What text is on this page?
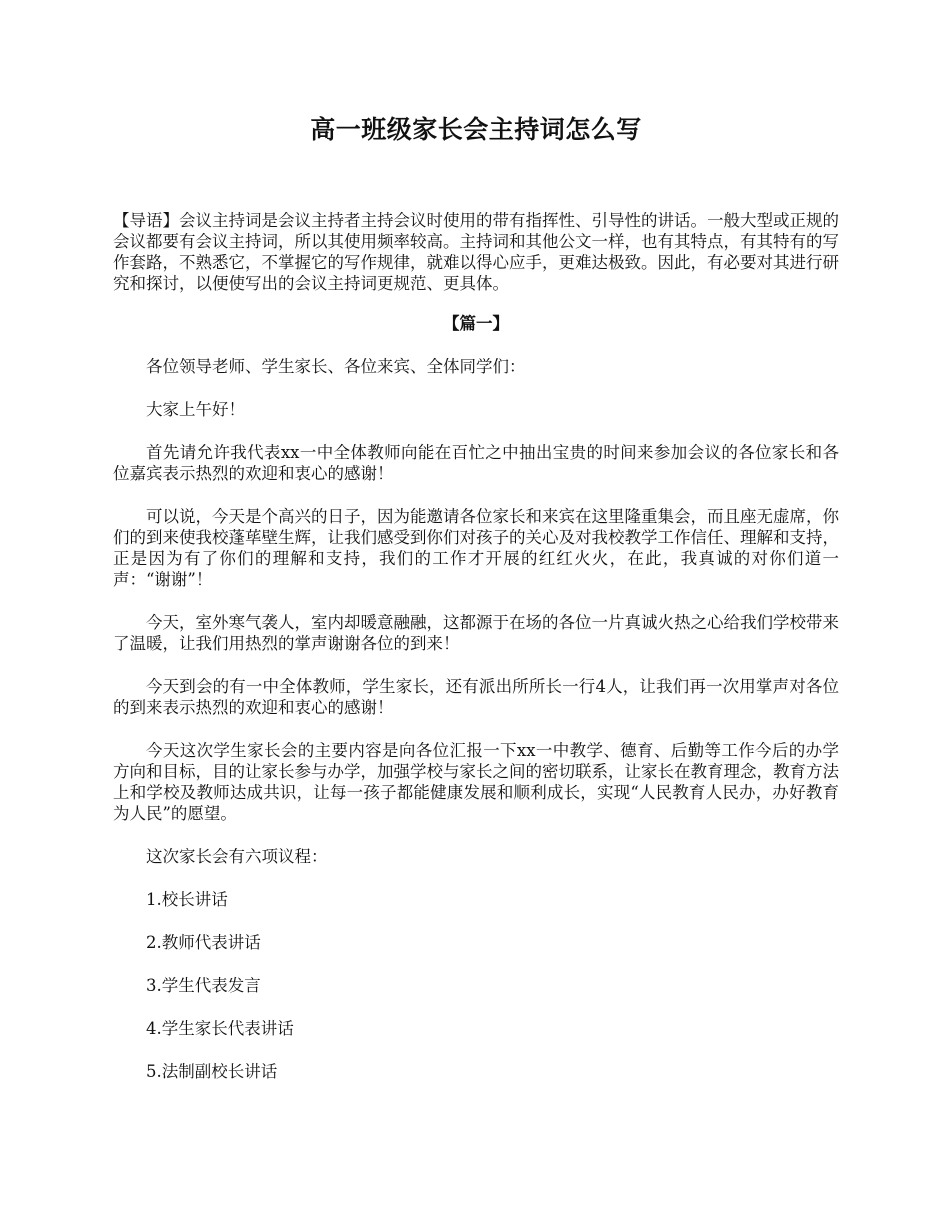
高一班级家长会主持词怎么写

【导语】会议主持词是会议主持者主持会议时使用的带有指挥性、引导性的讲话。一般大型或正规的会议都要有会议主持词，所以其使用频率较高。主持词和其他公文一样，也有其特点，有其特有的写作套路，不熟悉它，不掌握它的写作规律，就难以得心应手，更难达极致。因此，有必要对其进行研究和探讨，以便使写出的会议主持词更规范、更具体。

【篇一】

各位领导老师、学生家长、各位来宾、全体同学们：

大家上午好！

首先请允许我代表xx一中全体教师向能在百忙之中抽出宝贵的时间来参加会议的各位家长和各位嘉宾表示热烈的欢迎和衷心的感谢！

可以说，今天是个高兴的日子，因为能邀请各位家长和来宾在这里隆重集会，而且座无虚席，你们的到来使我校蓬荜壁生辉，让我们感受到你们对孩子的关心及对我校教学工作信任、理解和支持，正是因为有了你们的理解和支持，我们的工作才开展的红红火火，在此，我真诚的对你们道一声：“谢谢”！

今天，室外寒气袭人，室内却暖意融融，这都源于在场的各位一片真诚火热之心给我们学校带来了温暖，让我们用热烈的掌声谢谢各位的到来！

今天到会的有一中全体教师，学生家长，还有派出所所长一行4人，让我们再一次用掌声对各位的到来表示热烈的欢迎和衷心的感谢！

今天这次学生家长会的主要内容是向各位汇报一下xx一中教学、德育、后勤等工作今后的办学方向和目标，目的让家长参与办学，加强学校与家长之间的密切联系，让家长在教育理念，教育方法上和学校及教师达成共识，让每一孩子都能健康发展和顺利成长，实现“人民教育人民办，办好教育为人民”的愿望。

这次家长会有六项议程：

1.校长讲话

2.教师代表讲话

3.学生代表发言

4.学生家长代表讲话

5.法制副校长讲话
